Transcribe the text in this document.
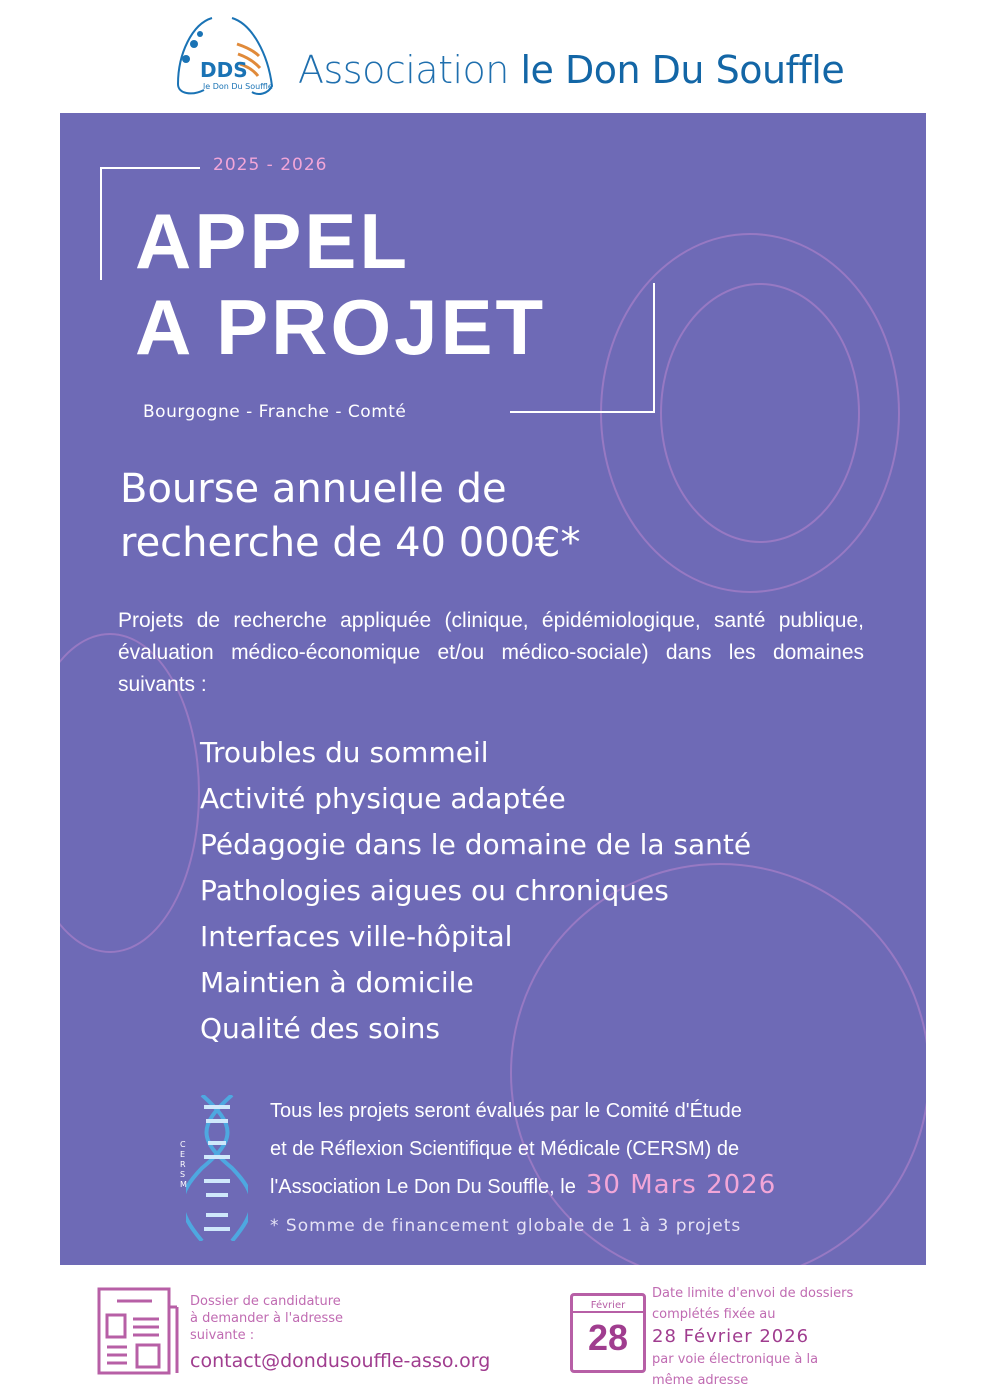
DDS
le Don Du Souffle Association le Don Du Souffle
2025 - 2026
APPEL
A PROJET
Bourgogne - Franche - Comté
Bourse annuelle de
recherche de 40 000€*
Projets de recherche appliquée (clinique, épidémiologique, santé publique, évaluation médico-économique et/ou médico-sociale) dans les domaines suivants :
Troubles du sommeil
Activité physique adaptée
Pédagogie dans le domaine de la santé
Pathologies aigues ou chroniques
Interfaces ville-hôpital
Maintien à domicile
Qualité des soins
C E R S M
Tous les projets seront évalués par le Comité d'Étude
et de Réflexion Scientifique et Médicale (CERSM) de
l'Association Le Don Du Souffle, le 30 Mars 2026
* Somme de financement globale de 1 à 3 projets
Dossier de candidature
à demander à l'adresse
suivante :
contact@dondusouffle-asso.org
Février
28
Date limite d'envoi de dossiers
complétés fixée au
28 Février 2026
par voie électronique à la
même adresse
